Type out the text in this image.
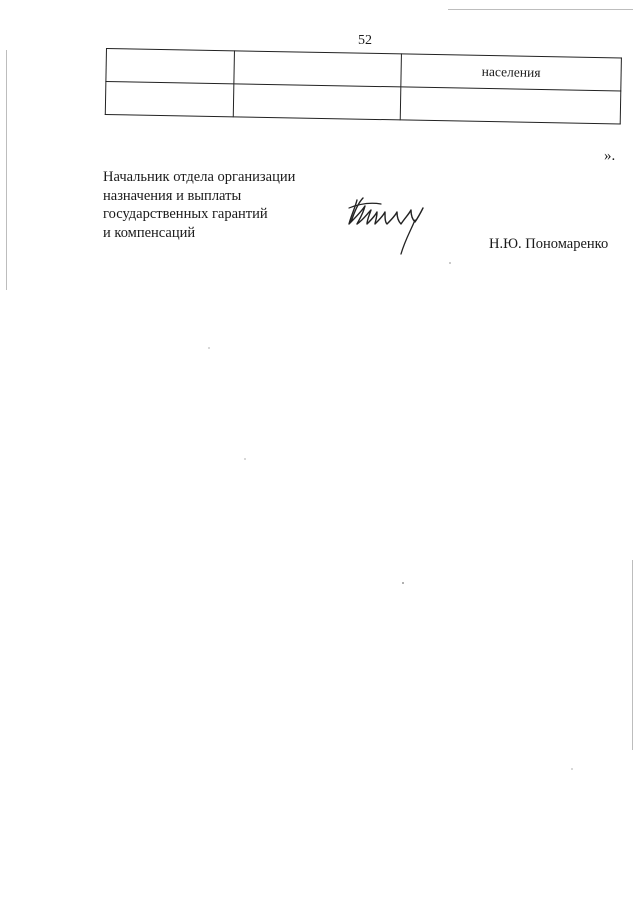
52
		населения

».
Начальник отдела организации
назначения и выплаты
государственных гарантий
и компенсаций
Н.Ю. Пономаренко
